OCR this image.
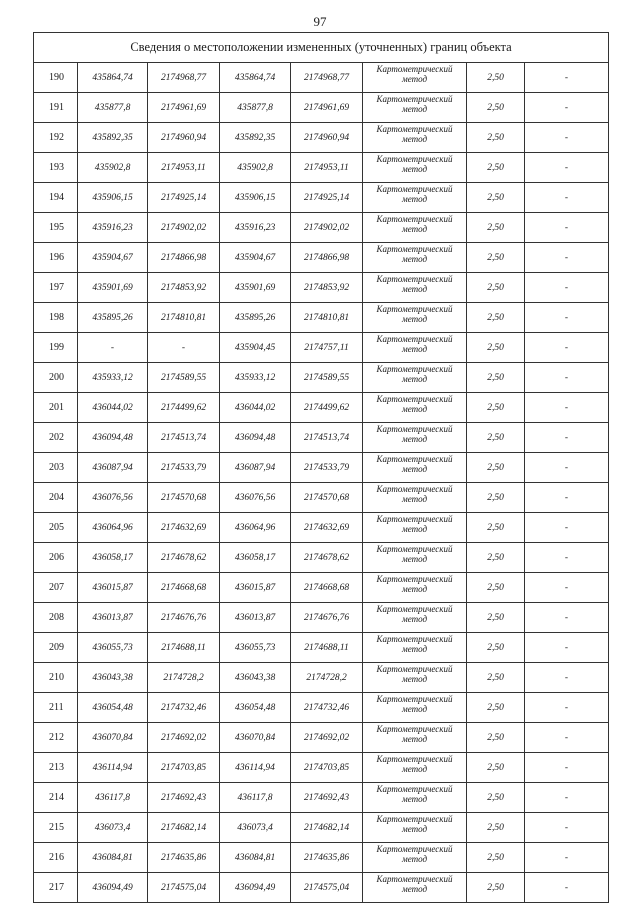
97
Сведения о местоположении измененных (уточненных) границ объекта							
190	435864,74	2174968,77	435864,74	2174968,77	Картометрический метод	2,50	-
191	435877,8	2174961,69	435877,8	2174961,69	Картометрический метод	2,50	-
192	435892,35	2174960,94	435892,35	2174960,94	Картометрический метод	2,50	-
193	435902,8	2174953,11	435902,8	2174953,11	Картометрический метод	2,50	-
194	435906,15	2174925,14	435906,15	2174925,14	Картометрический метод	2,50	-
195	435916,23	2174902,02	435916,23	2174902,02	Картометрический метод	2,50	-
196	435904,67	2174866,98	435904,67	2174866,98	Картометрический метод	2,50	-
197	435901,69	2174853,92	435901,69	2174853,92	Картометрический метод	2,50	-
198	435895,26	2174810,81	435895,26	2174810,81	Картометрический метод	2,50	-
199	-	-	435904,45	2174757,11	Картометрический метод	2,50	-
200	435933,12	2174589,55	435933,12	2174589,55	Картометрический метод	2,50	-
201	436044,02	2174499,62	436044,02	2174499,62	Картометрический метод	2,50	-
202	436094,48	2174513,74	436094,48	2174513,74	Картометрический метод	2,50	-
203	436087,94	2174533,79	436087,94	2174533,79	Картометрический метод	2,50	-
204	436076,56	2174570,68	436076,56	2174570,68	Картометрический метод	2,50	-
205	436064,96	2174632,69	436064,96	2174632,69	Картометрический метод	2,50	-
206	436058,17	2174678,62	436058,17	2174678,62	Картометрический метод	2,50	-
207	436015,87	2174668,68	436015,87	2174668,68	Картометрический метод	2,50	-
208	436013,87	2174676,76	436013,87	2174676,76	Картометрический метод	2,50	-
209	436055,73	2174688,11	436055,73	2174688,11	Картометрический метод	2,50	-
210	436043,38	2174728,2	436043,38	2174728,2	Картометрический метод	2,50	-
211	436054,48	2174732,46	436054,48	2174732,46	Картометрический метод	2,50	-
212	436070,84	2174692,02	436070,84	2174692,02	Картометрический метод	2,50	-
213	436114,94	2174703,85	436114,94	2174703,85	Картометрический метод	2,50	-
214	436117,8	2174692,43	436117,8	2174692,43	Картометрический метод	2,50	-
215	436073,4	2174682,14	436073,4	2174682,14	Картометрический метод	2,50	-
216	436084,81	2174635,86	436084,81	2174635,86	Картометрический метод	2,50	-
217	436094,49	2174575,04	436094,49	2174575,04	Картометрический метод	2,50	-
